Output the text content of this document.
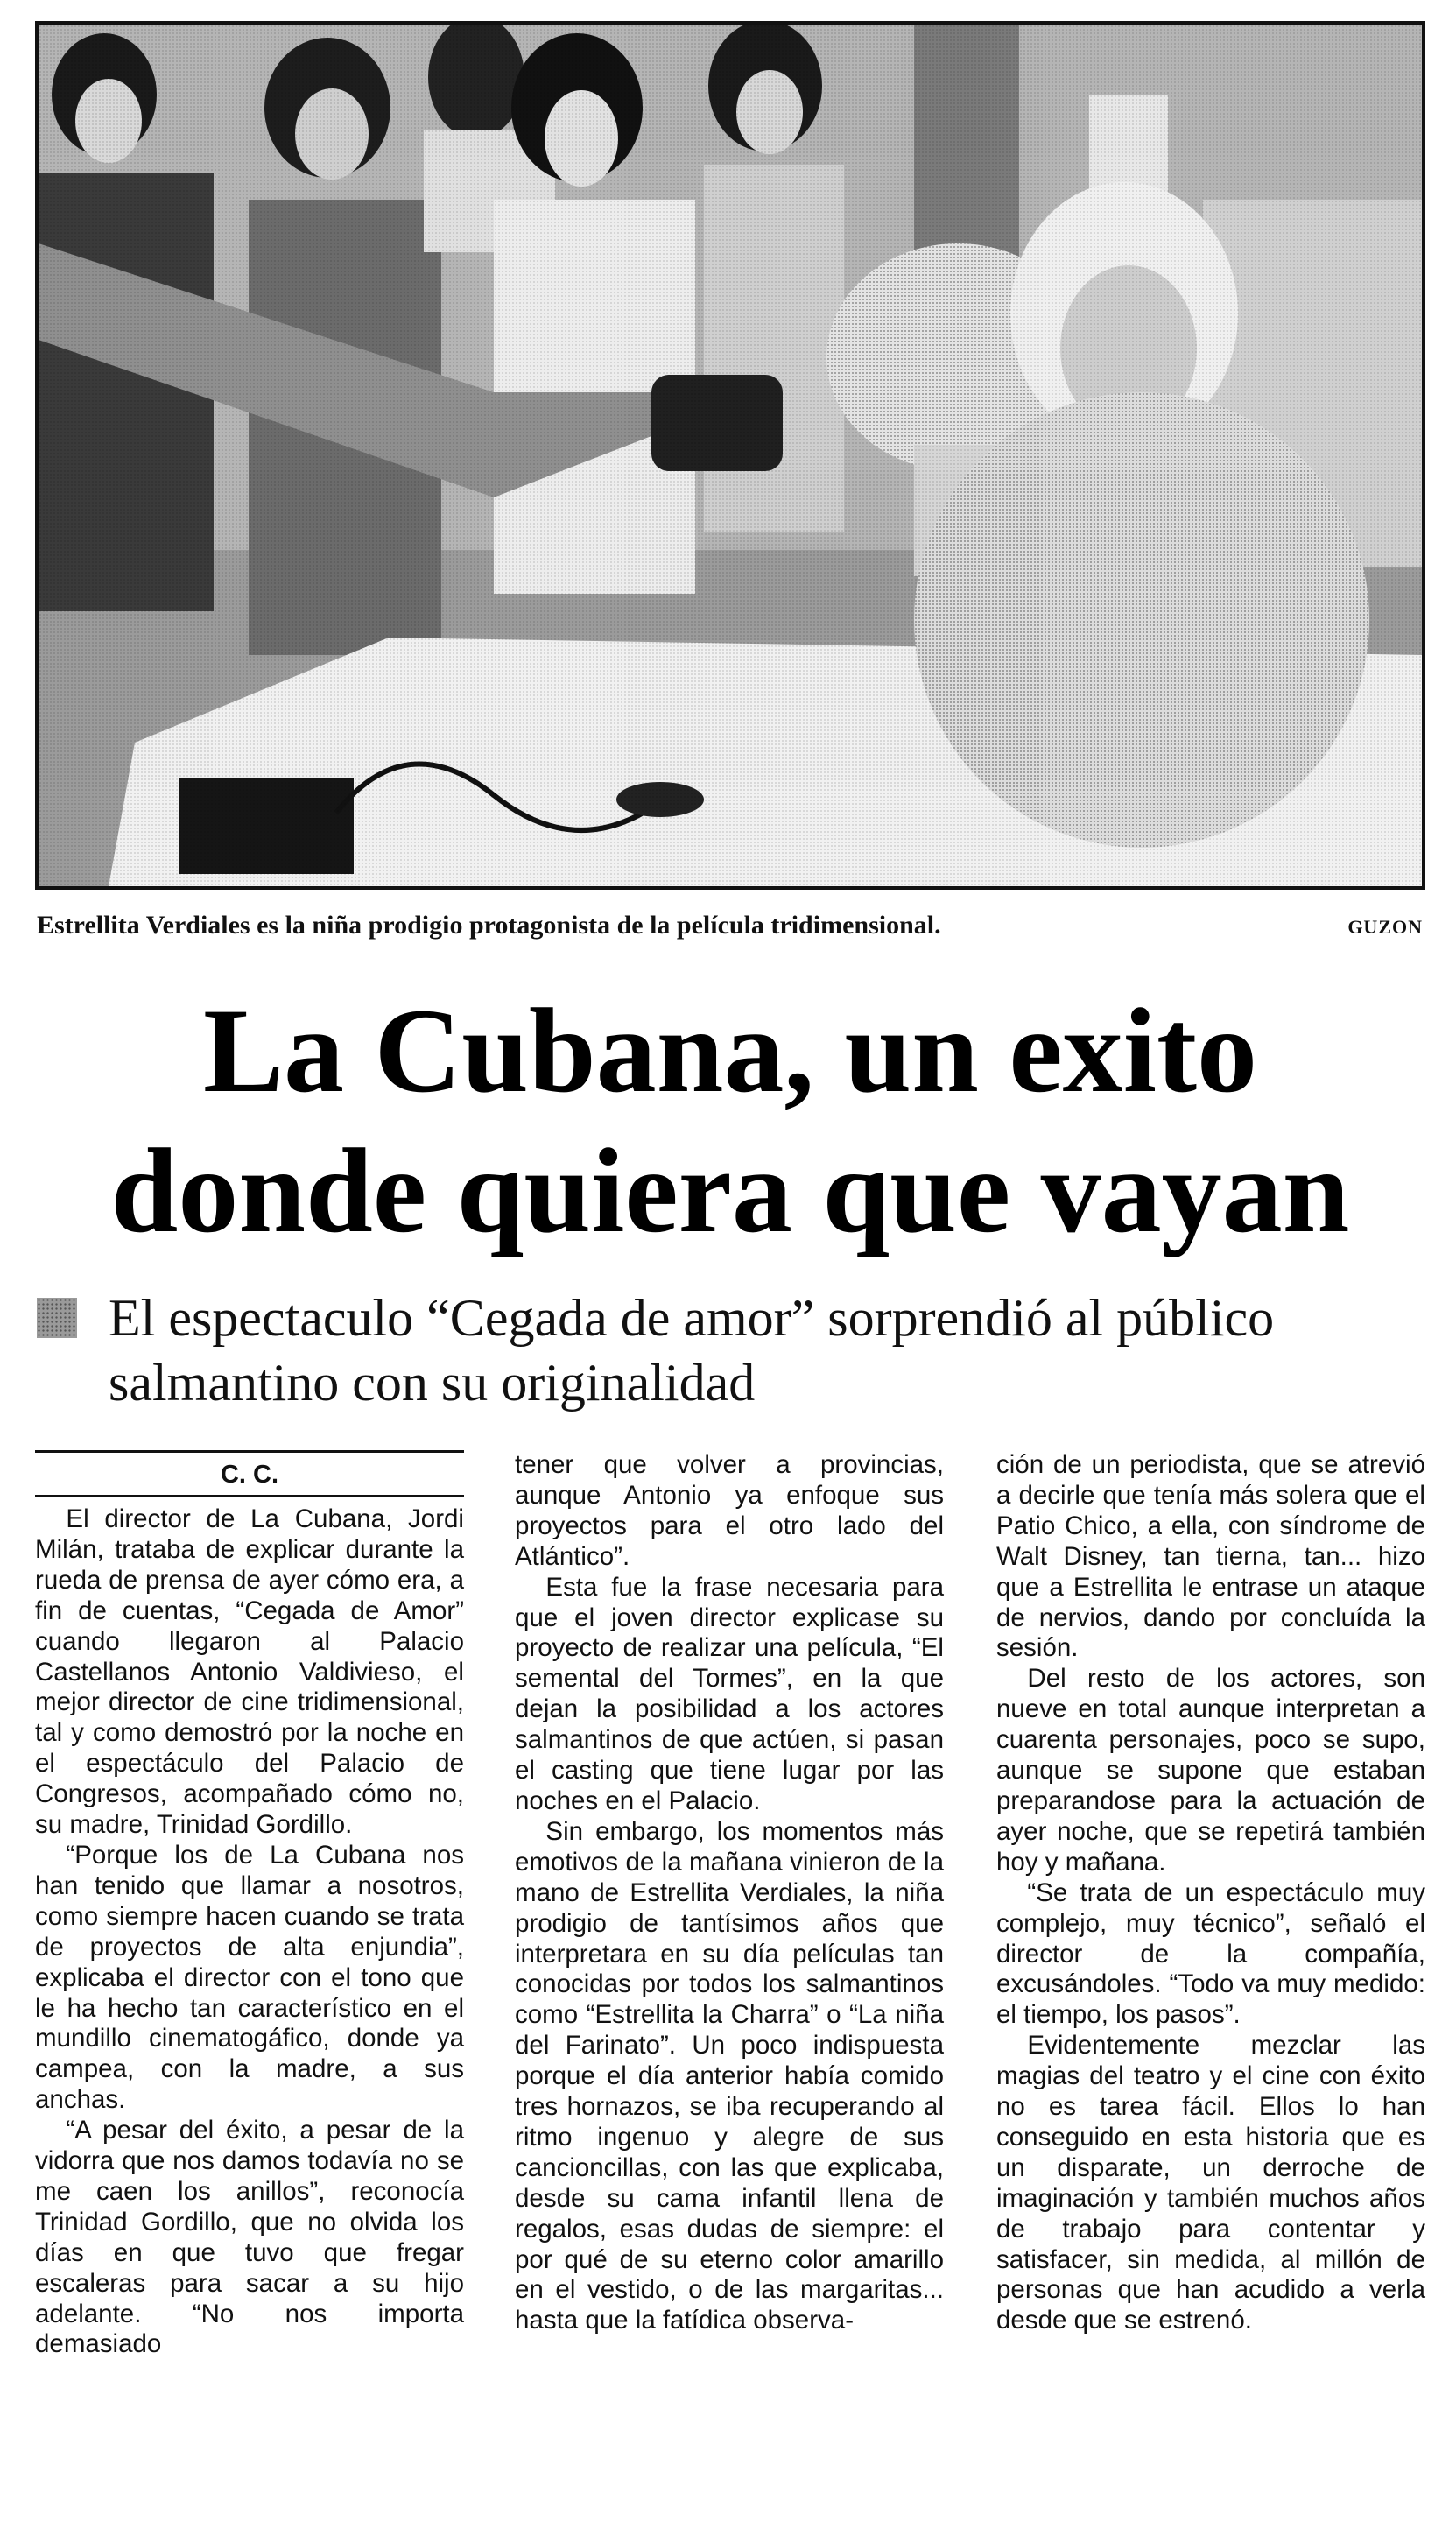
Estrellita Verdiales es la niña prodigio protagonista de la película tridimensional.	GUZON
La Cubana, un exito
donde quiera que vayan
El espectaculo “Cegada de amor” sorprendió al público
salmantino con su originalidad
C. C.

El director de La Cubana, Jordi Milán, trataba de explicar durante la rueda de prensa de ayer cómo era, a fin de cuentas, “Cegada de Amor” cuando llegaron al Palacio Castellanos Antonio Valdivieso, el mejor director de cine tridimensional, tal y como demostró por la noche en el espectáculo del Palacio de Congresos, acompañado cómo no, su madre, Trinidad Gordillo.

“Porque los de La Cubana nos han tenido que llamar a nosotros, como siempre hacen cuando se trata de proyectos de alta enjundia”, explicaba el director con el tono que le ha hecho tan característico en el mundillo cinematogáfico, donde ya campea, con la madre, a sus anchas.

“A pesar del éxito, a pesar de la vidorra que nos damos todavía no se me caen los anillos”, reconocía Trinidad Gordillo, que no olvida los días en que tuvo que fregar escaleras para sacar a su hijo adelante. “No nos importa demasiado

tener que volver a provincias, aunque Antonio ya enfoque sus proyectos para el otro lado del Atlántico”.

Esta fue la frase necesaria para que el joven director explicase su proyecto de realizar una película, “El semental del Tormes”, en la que dejan la posibilidad a los actores salmantinos de que actúen, si pasan el casting que tiene lugar por las noches en el Palacio.

Sin embargo, los momentos más emotivos de la mañana vinieron de la mano de Estrellita Verdiales, la niña prodigio de tantísimos años que interpretara en su día películas tan conocidas por todos los salmantinos como “Estrellita la Charra” o “La niña del Farinato”. Un poco indispuesta porque el día anterior había comido tres hornazos, se iba recuperando al ritmo ingenuo y alegre de sus cancioncillas, con las que explicaba, desde su cama infantil llena de regalos, esas dudas de siempre: el por qué de su eterno color amarillo en el vestido, o de las margaritas... hasta que la fatídica observa-

ción de un periodista, que se atrevió a decirle que tenía más solera que el Patio Chico, a ella, con síndrome de Walt Disney, tan tierna, tan... hizo que a Estrellita le entrase un ataque de nervios, dando por concluída la sesión.

Del resto de los actores, son nueve en total aunque interpretan a cuarenta personajes, poco se supo, aunque se supone que estaban preparandose para la actuación de ayer noche, que se repetirá también hoy y mañana.

“Se trata de un espectáculo muy complejo, muy técnico”, señaló el director de la compañía, excusándoles. “Todo va muy medido: el tiempo, los pasos”.

Evidentemente mezclar las magias del teatro y el cine con éxito no es tarea fácil. Ellos lo han conseguido en esta historia que es un disparate, un derroche de imaginación y también muchos años de trabajo para contentar y satisfacer, sin medida, al millón de personas que han acudido a verla desde que se estrenó.
